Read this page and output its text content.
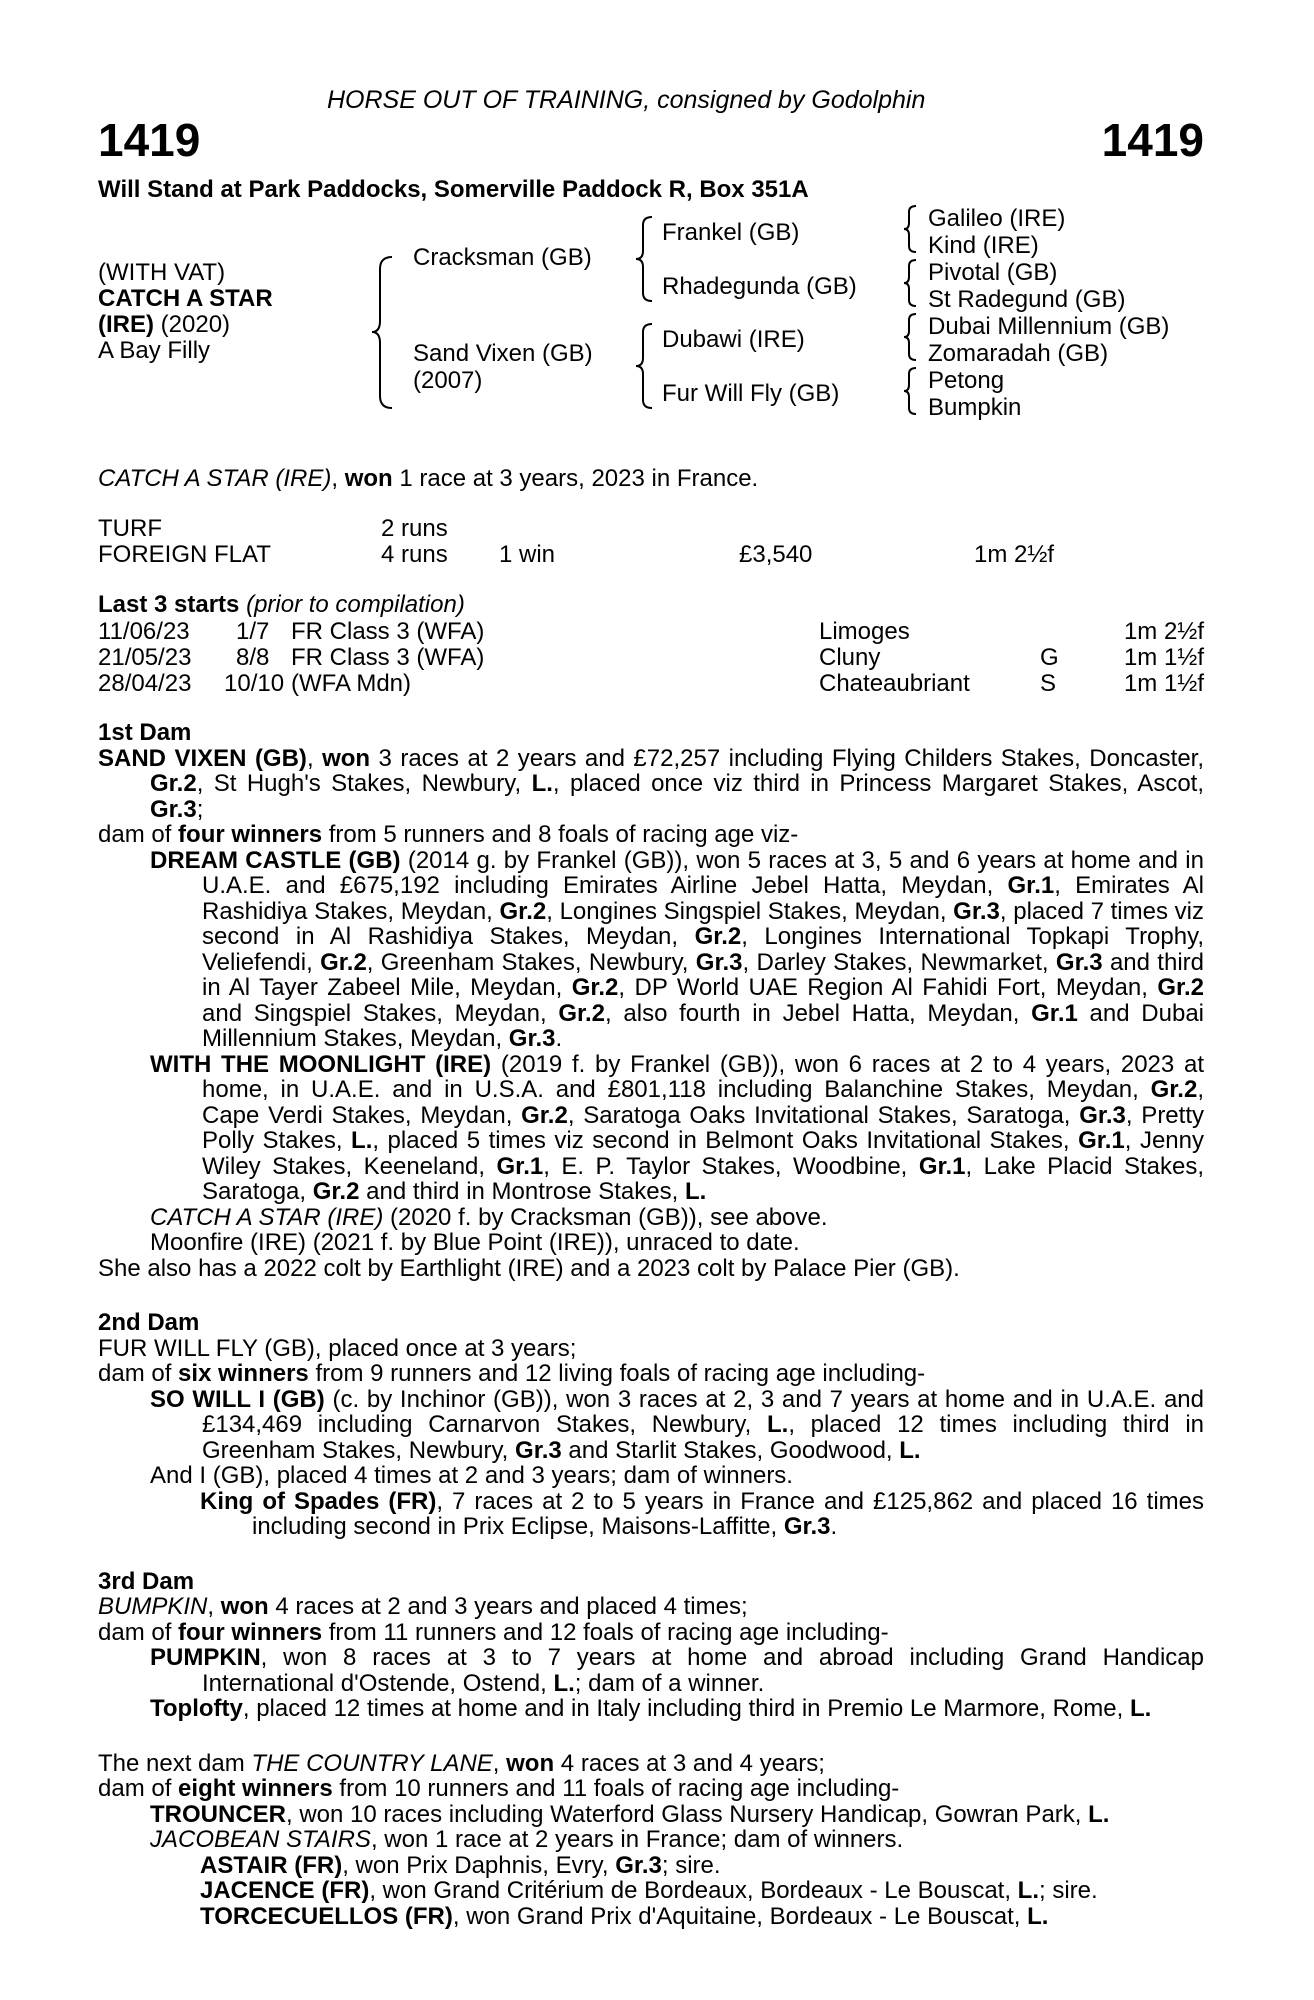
HORSE OUT OF TRAINING, consigned by Godolphin
1419	1419
Will Stand at Park Paddocks, Somerville Paddock R, Box 351A
(WITH VAT)
CATCH A STAR
(IRE) (2020)
A Bay Filly
Cracksman (GB)
Sand Vixen (GB)
(2007)
Frankel (GB)
Rhadegunda (GB)
Dubawi (IRE)
Fur Will Fly (GB)
Galileo (IRE)
Kind (IRE)
Pivotal (GB)
St Radegund (GB)
Dubai Millennium (GB)
Zomaradah (GB)
Petong
Bumpkin
CATCH A STAR (IRE), won 1 race at 3 years, 2023 in France.
TURF	2 runs
FOREIGN FLAT	4 runs 1 win	£3,540	1m 2½f
Last 3 starts (prior to compilation)
11/06/23 1/7 FR Class 3 (WFA)	Limoges	1m 2½f
21/05/23 8/8 FR Class 3 (WFA)	Cluny	G	1m 1½f
28/04/23 10/10 (WFA Mdn)	Chateaubriant	S	1m 1½f

1st Dam

SAND VIXEN (GB), won 3 races at 2 years and £72,257 including Flying Childers Stakes, Doncaster, Gr.2, St Hugh's Stakes, Newbury, L., placed once viz third in Princess Margaret Stakes, Ascot, Gr.3;

dam of four winners from 5 runners and 8 foals of racing age viz-

DREAM CASTLE (GB) (2014 g. by Frankel (GB)), won 5 races at 3, 5 and 6 years at home and in U.A.E. and £675,192 including Emirates Airline Jebel Hatta, Meydan, Gr.1, Emirates Al Rashidiya Stakes, Meydan, Gr.2, Longines Singspiel Stakes, Meydan, Gr.3, placed 7 times viz second in Al Rashidiya Stakes, Meydan, Gr.2, Longines International Topkapi Trophy, Veliefendi, Gr.2, Greenham Stakes, Newbury, Gr.3, Darley Stakes, Newmarket, Gr.3 and third in Al Tayer Zabeel Mile, Meydan, Gr.2, DP World UAE Region Al Fahidi Fort, Meydan, Gr.2 and Singspiel Stakes, Meydan, Gr.2, also fourth in Jebel Hatta, Meydan, Gr.1 and Dubai Millennium Stakes, Meydan, Gr.3.

WITH THE MOONLIGHT (IRE) (2019 f. by Frankel (GB)), won 6 races at 2 to 4 years, 2023 at home, in U.A.E. and in U.S.A. and £801,118 including Balanchine Stakes, Meydan, Gr.2, Cape Verdi Stakes, Meydan, Gr.2, Saratoga Oaks Invitational Stakes, Saratoga, Gr.3, Pretty Polly Stakes, L., placed 5 times viz second in Belmont Oaks Invitational Stakes, Gr.1, Jenny Wiley Stakes, Keeneland, Gr.1, E. P. Taylor Stakes, Woodbine, Gr.1, Lake Placid Stakes, Saratoga, Gr.2 and third in Montrose Stakes, L.

CATCH A STAR (IRE) (2020 f. by Cracksman (GB)), see above.

Moonfire (IRE) (2021 f. by Blue Point (IRE)), unraced to date.

She also has a 2022 colt by Earthlight (IRE) and a 2023 colt by Palace Pier (GB).

2nd Dam

FUR WILL FLY (GB), placed once at 3 years;

dam of six winners from 9 runners and 12 living foals of racing age including-

SO WILL I (GB) (c. by Inchinor (GB)), won 3 races at 2, 3 and 7 years at home and in U.A.E. and £134,469 including Carnarvon Stakes, Newbury, L., placed 12 times including third in Greenham Stakes, Newbury, Gr.3 and Starlit Stakes, Goodwood, L.

And I (GB), placed 4 times at 2 and 3 years; dam of winners.

King of Spades (FR), 7 races at 2 to 5 years in France and £125,862 and placed 16 times including second in Prix Eclipse, Maisons-Laffitte, Gr.3.

3rd Dam

BUMPKIN, won 4 races at 2 and 3 years and placed 4 times;

dam of four winners from 11 runners and 12 foals of racing age including-

PUMPKIN, won 8 races at 3 to 7 years at home and abroad including Grand Handicap International d'Ostende, Ostend, L.; dam of a winner.

Toplofty, placed 12 times at home and in Italy including third in Premio Le Marmore, Rome, L.

The next dam THE COUNTRY LANE, won 4 races at 3 and 4 years;

dam of eight winners from 10 runners and 11 foals of racing age including-

TROUNCER, won 10 races including Waterford Glass Nursery Handicap, Gowran Park, L.

JACOBEAN STAIRS, won 1 race at 2 years in France; dam of winners.

ASTAIR (FR), won Prix Daphnis, Evry, Gr.3; sire.

JACENCE (FR), won Grand Critérium de Bordeaux, Bordeaux - Le Bouscat, L.; sire.

TORCECUELLOS (FR), won Grand Prix d'Aquitaine, Bordeaux - Le Bouscat, L.
